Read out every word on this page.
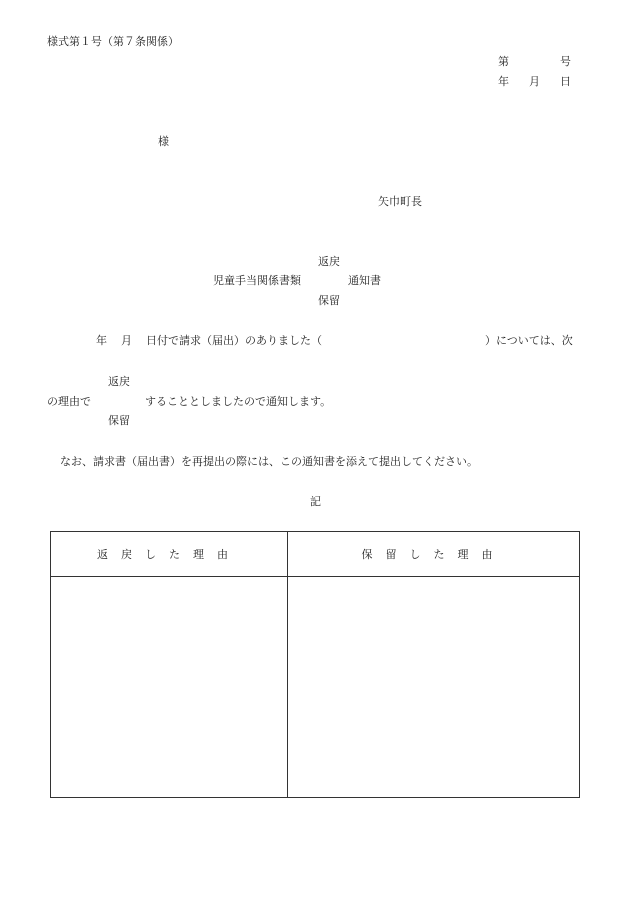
様式第１号（第７条関係）
第	号
年 月 日
様
矢巾町長
返戻
児童手当関係書類	通知書
保留
年 月 日付で請求（届出）のありました（	）については、次
返戻
の理由で	することとしましたので通知します。
保留
なお、請求書（届出書）を再提出の際には、この通知書を添えて提出してください。
記
返戻した理由	保留した理由
